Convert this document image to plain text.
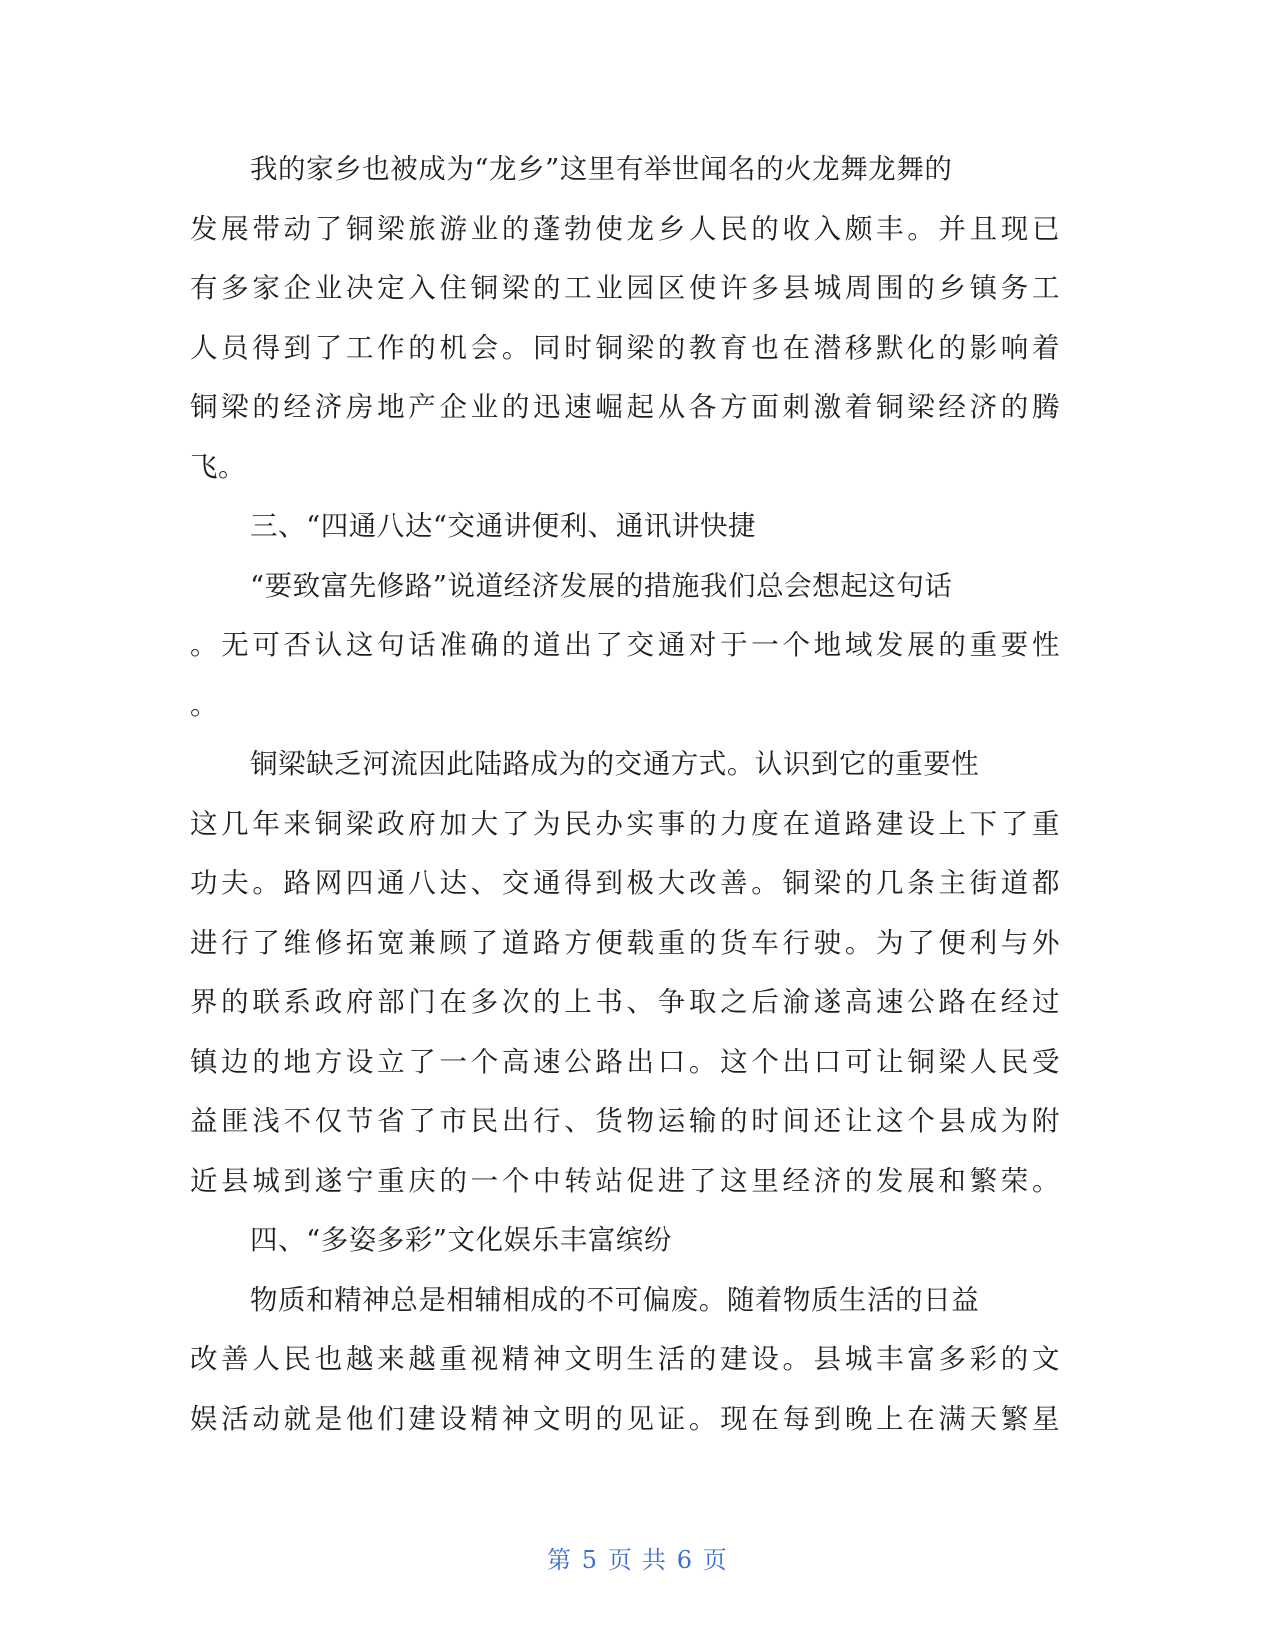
我的家乡也被成为“龙乡”这里有举世闻名的火龙舞龙舞的
发展带动了铜梁旅游业的蓬勃使龙乡人民的收入颇丰。并且现已
有多家企业决定入住铜梁的工业园区使许多县城周围的乡镇务工
人员得到了工作的机会。同时铜梁的教育也在潜移默化的影响着
铜梁的经济房地产企业的迅速崛起从各方面刺激着铜梁经济的腾
飞。
三、“四通八达“交通讲便利、通讯讲快捷
“要致富先修路”说道经济发展的措施我们总会想起这句话
。无可否认这句话准确的道出了交通对于一个地域发展的重要性
。
铜梁缺乏河流因此陆路成为的交通方式。认识到它的重要性
这几年来铜梁政府加大了为民办实事的力度在道路建设上下了重
功夫。路网四通八达、交通得到极大改善。铜梁的几条主街道都
进行了维修拓宽兼顾了道路方便载重的货车行驶。为了便利与外
界的联系政府部门在多次的上书、争取之后渝遂高速公路在经过
镇边的地方设立了一个高速公路出口。这个出口可让铜梁人民受
益匪浅不仅节省了市民出行、货物运输的时间还让这个县成为附
近县城到遂宁重庆的一个中转站促进了这里经济的发展和繁荣。
四、“多姿多彩”文化娱乐丰富缤纷
物质和精神总是相辅相成的不可偏废。随着物质生活的日益
改善人民也越来越重视精神文明生活的建设。县城丰富多彩的文
娱活动就是他们建设精神文明的见证。现在每到晚上在满天繁星
第 5 页 共 6 页
